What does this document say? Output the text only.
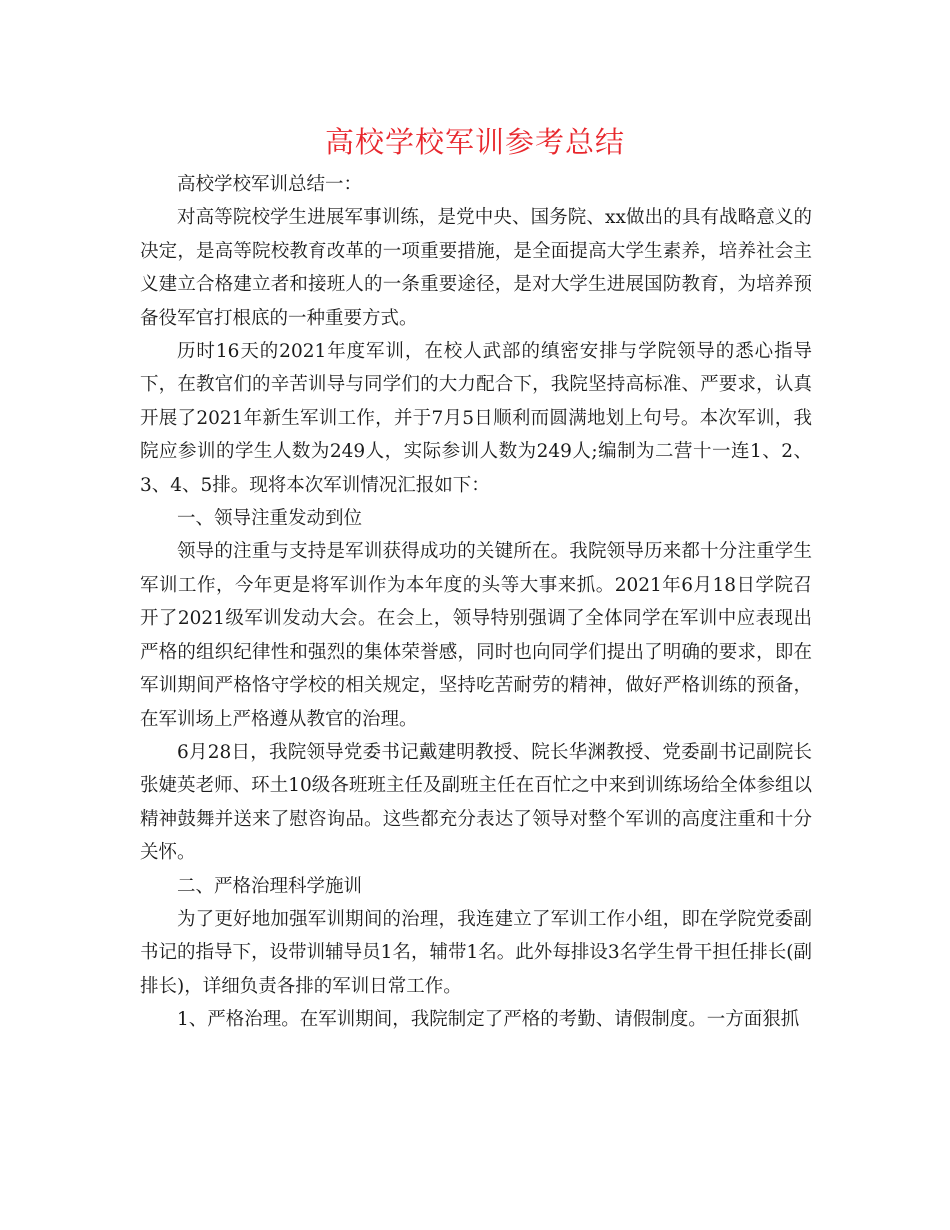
高校学校军训参考总结

高校学校军训总结一：

对高等院校学生进展军事训练，是党中央、国务院、xx做出的具有战略意义的决定，是高等院校教育改革的一项重要措施，是全面提高大学生素养，培养社会主义建立合格建立者和接班人的一条重要途径，是对大学生进展国防教育，为培养预备役军官打根底的一种重要方式。

历时16天的2021年度军训，在校人武部的缜密安排与学院领导的悉心指导下，在教官们的辛苦训导与同学们的大力配合下，我院坚持高标准、严要求，认真开展了2021年新生军训工作，并于7月5日顺利而圆满地划上句号。本次军训，我院应参训的学生人数为249人，实际参训人数为249人;编制为二营十一连1、2、3、4、5排。现将本次军训情况汇报如下：

一、领导注重发动到位

领导的注重与支持是军训获得成功的关键所在。我院领导历来都十分注重学生军训工作，今年更是将军训作为本年度的头等大事来抓。2021年6月18日学院召开了2021级军训发动大会。在会上，领导特别强调了全体同学在军训中应表现出严格的组织纪律性和强烈的集体荣誉感，同时也向同学们提出了明确的要求，即在军训期间严格恪守学校的相关规定，坚持吃苦耐劳的精神，做好严格训练的预备，在军训场上严格遵从教官的治理。

6月28日，我院领导党委书记戴建明教授、院长华渊教授、党委副书记副院长张婕英老师、环土10级各班班主任及副班主任在百忙之中来到训练场给全体参组以精神鼓舞并送来了慰咨询品。这些都充分表达了领导对整个军训的高度注重和十分关怀。

二、严格治理科学施训

为了更好地加强军训期间的治理，我连建立了军训工作小组，即在学院党委副书记的指导下，设带训辅导员1名，辅带1名。此外每排设3名学生骨干担任排长(副排长)，详细负责各排的军训日常工作。

1、严格治理。在军训期间，我院制定了严格的考勤、请假制度。一方面狠抓
